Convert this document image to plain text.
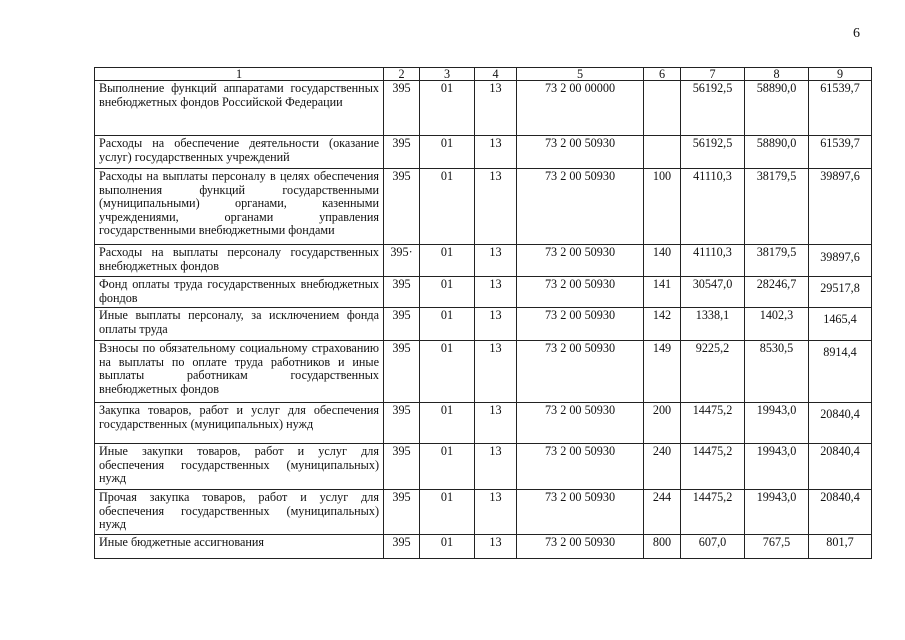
6
1	2	3	4	5	6	7	8	9
Выполнение функций аппаратами государственных внебюджетных фондов Российской Федерации	395	01	13	73 2 00 00000		56192,5	58890,0	61539,7
Расходы на обеспечение деятельности (оказание услуг) государственных учреждений	395	01	13	73 2 00 50930		56192,5	58890,0	61539,7
Расходы на выплаты персоналу в целях обеспечения выполнения функций государственными (муниципальными) органами, казенными учреждениями, органами управления государственными внебюджетными фондами	395	01	13	73 2 00 50930	100	41110,3	38179,5	39897,6
Расходы на выплаты персоналу государственных внебюджетных фондов	395·	01	13	73 2 00 50930	140	41110,3	38179,5	39897,6
Фонд оплаты труда государственных внебюджетных фондов	395	01	13	73 2 00 50930	141	30547,0	28246,7	29517,8
Иные выплаты персоналу, за исключением фонда оплаты труда	395	01	13	73 2 00 50930	142	1338,1	1402,3	1465,4
Взносы по обязательному социальному страхованию на выплаты по оплате труда работников и иные выплаты работникам государственных внебюджетных фондов	395	01	13	73 2 00 50930	149	9225,2	8530,5	8914,4
Закупка товаров, работ и услуг для обеспечения государственных (муниципальных) нужд	395	01	13	73 2 00 50930	200	14475,2	19943,0	20840,4
Иные закупки товаров, работ и услуг для обеспечения государственных (муниципальных) нужд	395	01	13	73 2 00 50930	240	14475,2	19943,0	20840,4
Прочая закупка товаров, работ и услуг для обеспечения государственных (муниципальных) нужд	395	01	13	73 2 00 50930	244	14475,2	19943,0	20840,4
Иные бюджетные ассигнования	395	01	13	73 2 00 50930	800	607,0	767,5	801,7
